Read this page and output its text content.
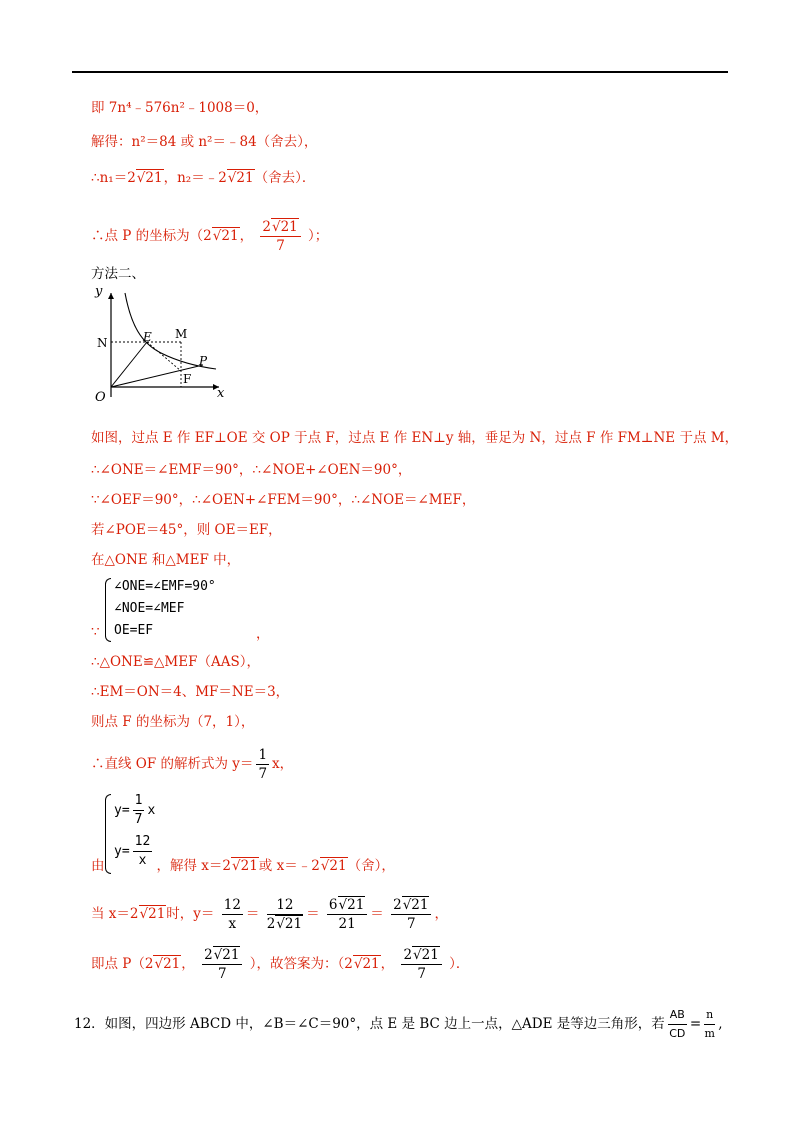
即 7n⁴﹣576n²﹣1008＝0，
解得：n²＝84 或 n²＝﹣84（舍去），
∴n₁＝2√21，n₂＝﹣2√21（舍去）．
∴点 P 的坐标为（2√21， $\frac{2√21}{7}$ ）；
方法二、
y
x
O
N	E M
P
F
如图，过点 E 作 EF⊥OE 交 OP 于点 F，过点 E 作 EN⊥y 轴，垂足为 N，过点 F 作 FM⊥NE 于点 M，
∴∠ONE＝∠EMF＝90°，∴∠NOE+∠OEN＝90°，
∵∠OEF＝90°，∴∠OEN+∠FEM＝90°，∴∠NOE＝∠MEF，
若∠POE＝45°，则 OE＝EF，
在△ONE 和△MEF 中，
∠ONE=∠EMF=90°
∠NOE=∠MEF
OE=EF
∵	，
∴△ONE≌△MEF（AAS），
∴EM＝ON＝4、MF＝NE＝3，
则点 F 的坐标为（7，1），
∴直线 OF 的解析式为 $y= \frac{1}{7}$ x，
$y= \frac{1}{7}$ x
$y= \frac{12}{x}$
由	，解得 x＝2√21或 x＝﹣2√21（舍），
当 x＝2√21时，$y= \frac{12}{x} = \frac{12}{2√21} = \frac{6√21}{21} = \frac{2√21}{7}$ ，
即点 P（2√21， $\frac{2√21}{7}$ ），故答案为：（2√21， $\frac{2√21}{7}$ ）．
12．如图，四边形 ABCD 中，∠B＝∠C＝90°，点 E 是 BC 边上一点，△ADE 是等边三角形，若 $\frac{AB}{CD} = \frac{n}{m}$ ,
